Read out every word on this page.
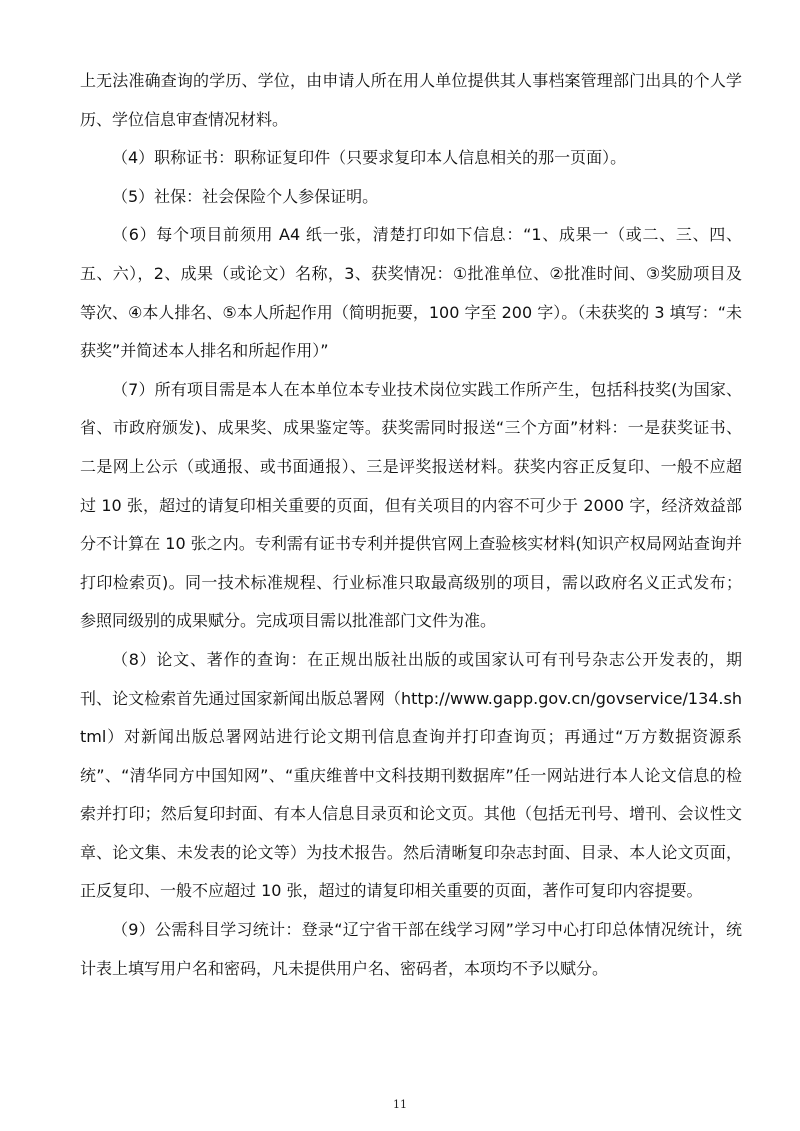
上无法准确查询的学历、学位，由申请人所在用人单位提供其人事档案管理部门出具的个人学历、学位信息审查情况材料。

（4）职称证书：职称证复印件（只要求复印本人信息相关的那一页面）。

（5）社保：社会保险个人参保证明。

（6）每个项目前须用 A4 纸一张，清楚打印如下信息：“1、成果一（或二、三、四、五、六），2、成果（或论文）名称，3、获奖情况：①批准单位、②批准时间、③奖励项目及等次、④本人排名、⑤本人所起作用（简明扼要，100 字至 200 字）。（未获奖的 3 填写：“未获奖”并简述本人排名和所起作用）”

（7）所有项目需是本人在本单位本专业技术岗位实践工作所产生，包括科技奖(为国家、省、市政府颁发)、成果奖、成果鉴定等。获奖需同时报送“三个方面”材料：一是获奖证书、二是网上公示（或通报、或书面通报）、三是评奖报送材料。获奖内容正反复印、一般不应超过 10 张，超过的请复印相关重要的页面，但有关项目的内容不可少于 2000 字，经济效益部分不计算在 10 张之内。专利需有证书专利并提供官网上查验核实材料(知识产权局网站查询并打印检索页)。同一技术标准规程、行业标准只取最高级别的项目，需以政府名义正式发布；参照同级别的成果赋分。完成项目需以批准部门文件为准。

（8）论文、著作的查询：在正规出版社出版的或国家认可有刊号杂志公开发表的，期刊、论文检索首先通过国家新闻出版总署网（http://www.gapp.gov.cn/govservice/134.shtml）对新闻出版总署网站进行论文期刊信息查询并打印查询页；再通过“万方数据资源系统”、“清华同方中国知网”、“重庆维普中文科技期刊数据库”任一网站进行本人论文信息的检索并打印；然后复印封面、有本人信息目录页和论文页。其他（包括无刊号、增刊、会议性文章、论文集、未发表的论文等）为技术报告。然后清晰复印杂志封面、目录、本人论文页面，正反复印、一般不应超过 10 张，超过的请复印相关重要的页面，著作可复印内容提要。

（9）公需科目学习统计：登录“辽宁省干部在线学习网”学习中心打印总体情况统计，统计表上填写用户名和密码，凡未提供用户名、密码者，本项均不予以赋分。

11
